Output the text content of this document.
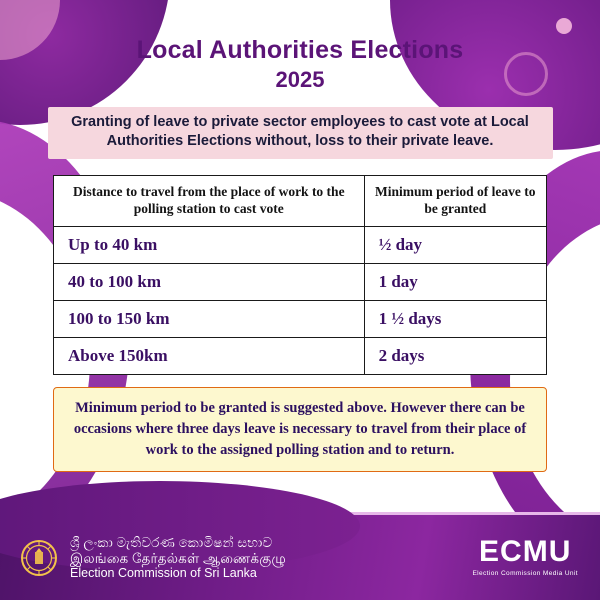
Local Authorities Elections
2025
Granting of leave to private sector employees to cast vote at Local Authorities Elections without, loss to their private leave.
Distance to travel from the place of work to the polling station to cast vote	Minimum period of leave to be granted
Up to 40 km	½ day
40 to 100 km	1 day
100 to 150 km	1 ½ days
Above 150km	2 days
Minimum period to be granted is suggested above. However there can be occasions where three days leave is necessary to travel from their place of work to the assigned polling station and to return.
ශ්‍රී ලංකා මැතිවරණ කොමිෂන් සභාව
இலங்கை தேர்தல்கள் ஆணைக்குழு
Election Commission of Sri Lanka
ECMU
Election Commission Media Unit
